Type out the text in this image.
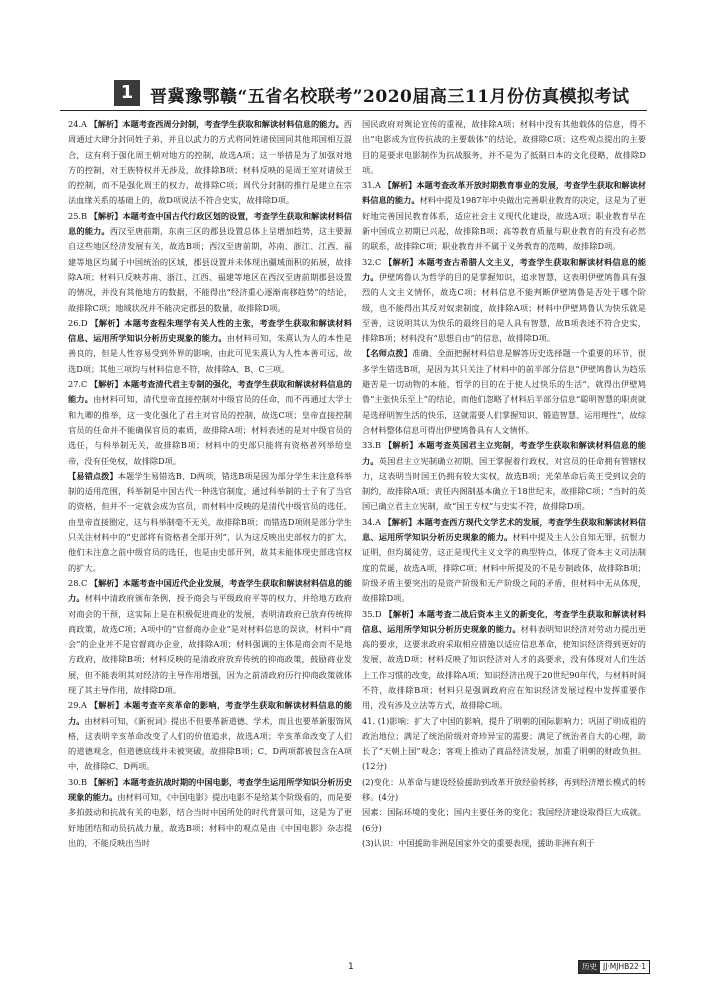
1 晋冀豫鄂赣“五省名校联考”2020届高三11月份仿真模拟考试

24.A 【解析】本题考查西周分封制，考查学生获取和解读材料信息的能力。西周通过大肆分封同姓子弟，并且以武力的方式将同姓诸侯国同其他邦国相互混合，这有利于强化周王朝对地方的控制，故选A项；这一举措是为了加强对地方的控制，对王族特权并无涉及，故排除B项；材料反映的是周王室对诸侯王的控制，而不是强化周王的权力，故排除C项；周代分封制的推行是建立在宗法血缘关系的基础上的，故D项说法不符合史实，故排除D项。

25.B 【解析】本题考查中国古代行政区划的设置，考查学生获取和解读材料信息的能力。西汉至唐前期，东南三区的郡县设置总体上呈增加趋势，这主要源自这些地区经济发展有关，故选B项；西汉至唐前期，苏南、浙江、江西、福建等地区均属于中国统治的区域，郡县设置并未体现出疆域面积的拓展，故排除A项；材料只反映苏南、浙江、江西、福建等地区在西汉至唐前期郡县设置的情况，并没有其他地方的数据，不能得出“经济重心逐渐南移趋势”的结论，故排除C项；地域状况并不能决定郡县的数量，故排除D项。

26.D 【解析】本题考查程朱理学有关人性的主张，考查学生获取和解读材料信息、运用所学知识分析历史现象的能力。由材料可知，朱熹认为人的本性是善良的，但是人性容易受到外界的影响，由此可见朱熹认为人性本善可远，故选D项；其他三项均与材料信息不符，故排除A、B、C三项。

27.C 【解析】本题考查清代君主专制的强化，考查学生获取和解读材料信息的能力。由材料可知，清代皇帝直接控制对中级官员的任命，而不再通过大学士和九卿的推举，这一变化强化了君主对官员的控制，故选C项；皇帝直接控制官员的任命并不能确保官员的素质，故排除A项；材料表述的是对中级官员的选任，与科举制无关，故排除B项；材料中的史部只能将有资格者列举给皇帝，没有任免权，故排除D项。

【易错点拨】本题学生易错选B、D两项，错选B项是因为部分学生未注意科举制的适用范围，科举制是中国古代一种选官制度，通过科举制的士子有了当官的资格，但并不一定就会成为官员，而材料中反映的是清代中级官员的选任，由皇帝直接圈定，这与科举制毫不无关，故排除B项；而错选D项则是部分学生只关注材料中的“史部将有资格者全部开列”，认为这反映出史部权力的扩大，他们未注意之前中级官员的选任，也是由史部开列，故其未能体现史部选官权的扩大。

28.C 【解析】本题考查中国近代企业发展，考查学生获取和解读材料信息的能力。材料中清政府颁布条例，授予商会与平级政府平等的权力，并给地方政府对商会的干预，这实际上是在积极促进商业的发展，表明清政府已放弃传统抑商政策，故选C项；A项中的“官督商办企业”是对材料信息的误读，材料中“商会”的企业并不是官督商办企业，故排除A项；材料强调的主体是商会而不是地方政府，故排除B项；材料反映的是清政府放弃传统的抑商政策，鼓励商业发展，但不能表明其对经济的主导作用增强，因为之前清政府历行抑商政策就体现了其主导作用，故排除D项。

29.A 【解析】本题考查辛亥革命的影响，考查学生获取和解读材料信息的能力。由材料可知，《新祝词》提出不但要革新道德、学术，而且也要革新服饰风格，这表明辛亥革命改变了人们的价值追求，故选A项；辛亥革命改变了人们的道德观念，但道德底线并未被突破，故排除B项；C、D两项都被包含在A项中，故排除C、D两项。

30.B 【解析】本题考查抗战时期的中国电影，考查学生运用所学知识分析历史现象的能力。由材料可知，《中国电影》提出电影不是给某个阶级看的，而是要多拍鼓动和抗战有关的电影，结合当时中国所处的时代背景可知，这是为了更好地团结和动员抗战力量，故选B项；材料中的观点是由《中国电影》杂志提出的，不能反映出当时

国民政府对舆论宣传的重视，故排除A项；材料中没有其他载体的信息，得不出“电影成为宣传抗战的主要载体”的结论，故排除C项；这些观点提出的主要目的是要求电影制作为抗战服务，并不是为了抵制日本的文化侵略，故排除D项。

31.A 【解析】本题考查改革开放时期教育事业的发展，考查学生获取和解读材料信息的能力。材料中提及1987年中央做出完善职业教育的决定，这是为了更好地完善国民教育体系，适应社会主义现代化建设，故选A项；职业教育早在新中国成立初期已兴起，故排除B项；高等教育质量与职业教育的有没有必然的联系，故排除C项；职业教育并不属于义务教育的范畴，故排除D项。

32.C 【解析】本题考查古希腊人文主义，考查学生获取和解读材料信息的能力。伊壁鸠鲁认为哲学的目的是掌握知识，追求智慧，这表明伊壁鸠鲁具有强烈的人文主义情怀，故选C项；材料信息不能判断伊壁鸠鲁是否处于哪个阶级，也不能得出其反对奴隶制度，故排除A项；材料中伊壁鸠鲁认为快乐就是至善，这说明其认为快乐的最终目的是人具有智慧，故B项表述不符合史实，排除B项；材料没有“思想自由”的信息，故排除D项。

【名师点拨】准确、全面把握材料信息是解答历史选择题一个重要的环节，很多学生错选B项，是因为其只关注了材料中的前半部分信息“伊壁鸠鲁认为趋乐避苦是一切动物的本能，哲学的目的在于使人过快乐的生活”，就得出伊壁鸠鲁“主张快乐至上”的结论，而他们忽略了材料后半部分信息“聪明智慧的职责就是选择明智生活的快乐，这就需要人们掌握知识、锻造智慧、运用理性”，故综合材料整体信息可得出伊壁鸠鲁具有人文情怀。

33.B 【解析】本题考查英国君主立宪制，考查学生获取和解读材料信息的能力。英国君主立宪制确立初期，国王掌握着行政权，对官员的任命拥有管辖权力，这表明当时国王仍拥有较大实权，故选B项；光荣革命后英王受到议会的制约，故排除A项；责任内阁制基本确立于18世纪末，故排除C项；“当时的英国已确立君主立宪制，故“国王专权”与史实不符，故排除D项。

34.A 【解析】本题考查西方现代文学艺术的发展，考查学生获取和解读材料信息、运用所学知识分析历史现象的能力。材料中提及主人公自知无罪，抗恨力证明，但均属徒劳，这正是现代主义文学的典型特点，体现了资本主义司法制度的荒诞，故选A项，排除C项；材料中所提及的不是专制政体，故排除B项；阶级矛盾主要突出的是资产阶级和无产阶级之间的矛盾，但材料中无从体现，故排除D项。

35.D 【解析】本题考查二战后资本主义的新变化，考查学生获取和解读材料信息、运用所学知识分析历史现象的能力。材料表明知识经济对劳动力提出更高的要求，这要求政府采取相应措施以适应信息革命，使知识经济得到更好的发展，故选D项；材料反映了知识经济对人才的高要求，没有体现对人们生活上工作习惯的改变，故排除A项；知识经济出现于20世纪90年代，与材料时间不符，故排除B项；材料只是强调政府应在知识经济发展过程中发挥重要作用，没有涉及立法等方式，故排除C项。

41. (1)影响：扩大了中国的影响，提升了明朝的国际影响力；巩固了明成祖的政治地位；满足了统治阶级对奇珍异宝的需要；满足了统治者自大的心理，助长了“天朝上国”观念；客观上推动了商品经济发展，加重了明朝的财政负担。(12分)

(2)变化：从革命与建设经验援助到改革开放经验转移，再到经济增长模式的转移。(4分)

因素：国际环境的变化；国内主要任务的变化；我国经济建设取得巨大成就。(6分)

(3)认识：中国援助非洲是国家外交的重要表现，援助非洲有利于

1	历史 JJ·MJHB22·1
